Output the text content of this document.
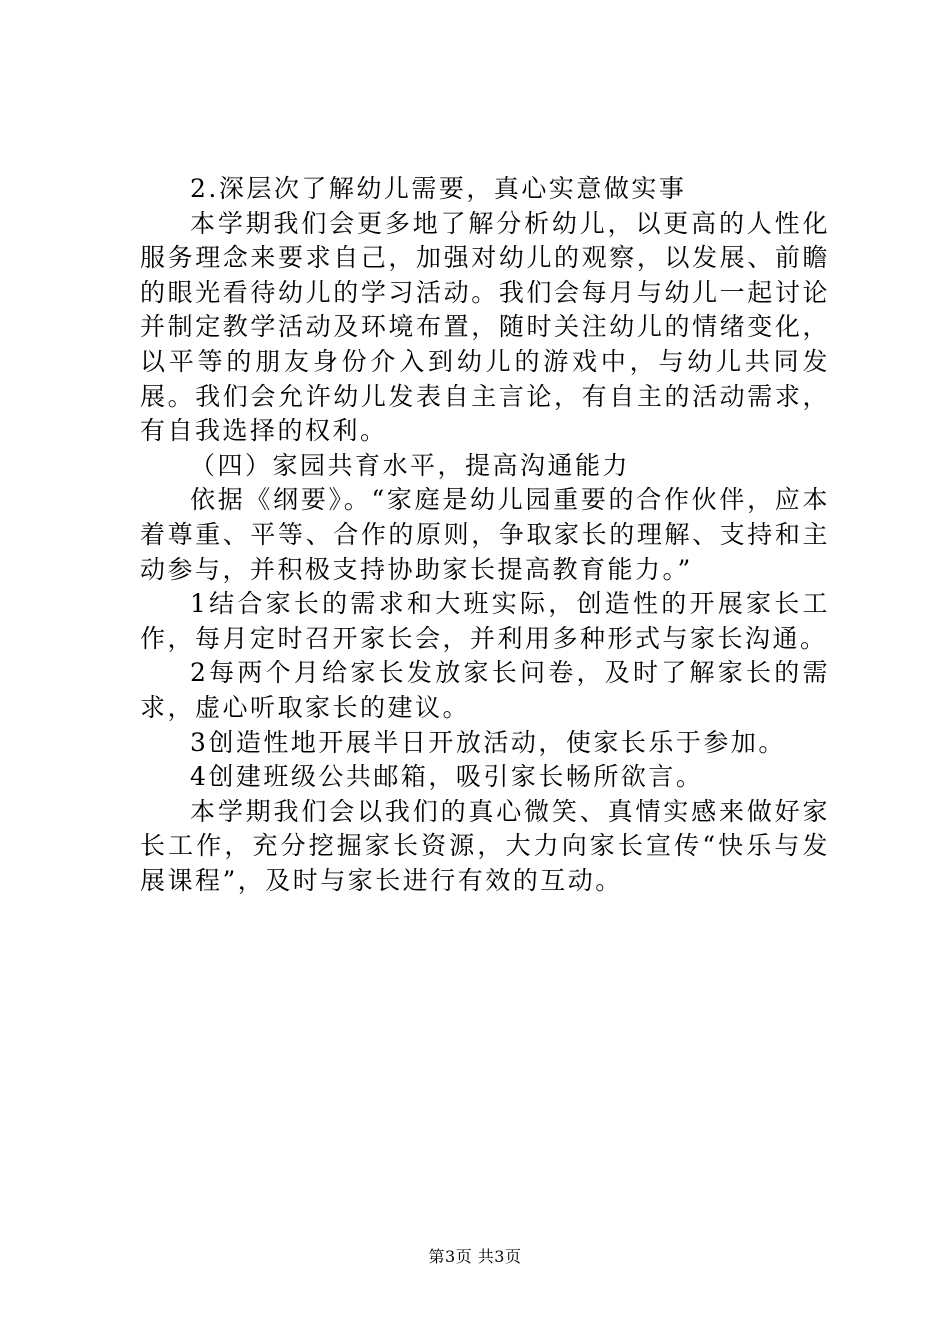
2.深层次了解幼儿需要，真心实意做实事

本学期我们会更多地了解分析幼儿，以更高的人性化服务理念来要求自己，加强对幼儿的观察，以发展、前瞻的眼光看待幼儿的学习活动。我们会每月与幼儿一起讨论并制定教学活动及环境布置，随时关注幼儿的情绪变化，以平等的朋友身份介入到幼儿的游戏中，与幼儿共同发展。我们会允许幼儿发表自主言论，有自主的活动需求，有自我选择的权利。

（四）家园共育水平，提高沟通能力

依据《纲要》。“家庭是幼儿园重要的合作伙伴，应本着尊重、平等、合作的原则，争取家长的理解、支持和主动参与，并积极支持协助家长提高教育能力。”

1结合家长的需求和大班实际，创造性的开展家长工作，每月定时召开家长会，并利用多种形式与家长沟通。

2每两个月给家长发放家长问卷，及时了解家长的需求，虚心听取家长的建议。

3创造性地开展半日开放活动，使家长乐于参加。

4创建班级公共邮箱，吸引家长畅所欲言。

本学期我们会以我们的真心微笑、真情实感来做好家长工作，充分挖掘家长资源，大力向家长宣传“快乐与发展课程”，及时与家长进行有效的互动。

第3页 共3页
